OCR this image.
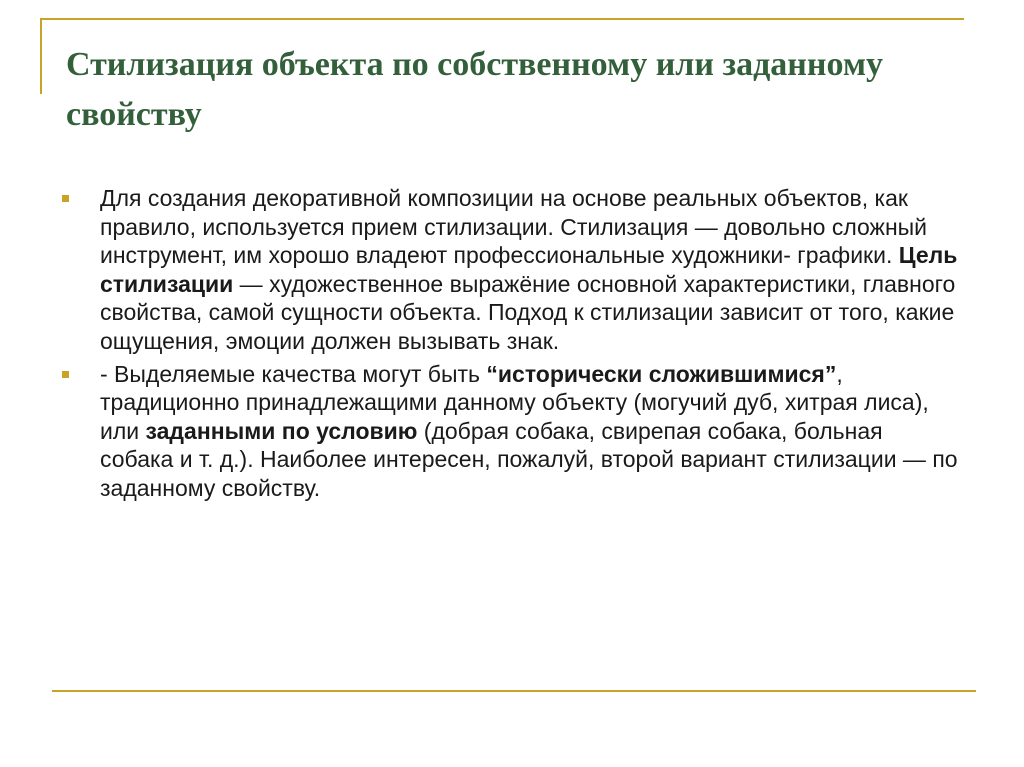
Стилизация объекта по собственному или заданному свойству
Для создания декоративной композиции на основе реальных объектов, как правило, используется прием стилизации. Стилизация — довольно сложный инструмент, им хорошо владеют профессиональные художники- графики. Цель стилизации — художественное выражёние основной характеристики, главного свойства, самой сущности объекта. Подход к стилизации зависит от того, какие ощущения, эмоции должен вызывать знак.
- Выделяемые качества могут быть “исторически сложившимися”, традиционно принадлежащими данному объекту (могучий дуб, хитрая лиса), или заданными по условию (добрая собака, свирепая собака, больная собака и т. д.). Наиболее интересен, пожалуй, второй вариант стилизации — по заданному свойству.
